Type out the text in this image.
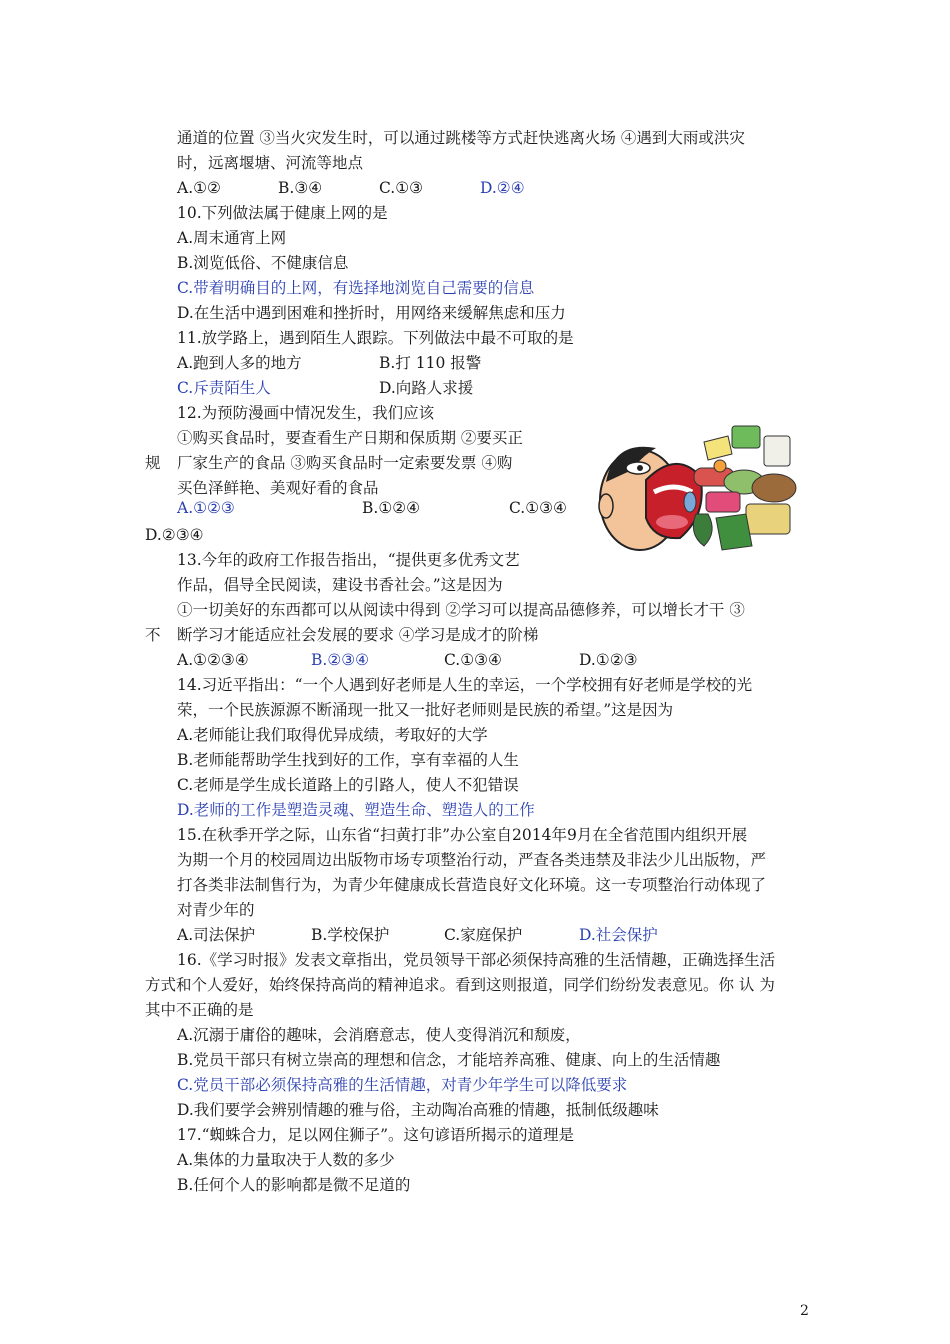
通道的位置 ③当火灾发生时，可以通过跳楼等方式赶快逃离火场 ④遇到大雨或洪灾
时，远离堰塘、河流等地点
A.①②	B.③④	C.①③	D.②④
10.下列做法属于健康上网的是
A.周末通宵上网
B.浏览低俗、不健康信息
C.带着明确目的上网，有选择地浏览自己需要的信息
D.在生活中遇到困难和挫折时，用网络来缓解焦虑和压力
11.放学路上，遇到陌生人跟踪。下列做法中最不可取的是
A.跑到人多的地方	B.打 110 报警
C.斥责陌生人	D.向路人求援
12.为预防漫画中情况发生，我们应该
①购买食品时，要查看生产日期和保质期 ②要买正
规 厂家生产的食品 ③购买食品时一定索要发票 ④购
买色泽鲜艳、美观好看的食品
A.①②③	B.①②④	C.①③④
D.②③④
13.今年的政府工作报告指出，“提供更多优秀文艺
作品，倡导全民阅读，建设书香社会。”这是因为
①一切美好的东西都可以从阅读中得到 ②学习可以提高品德修养，可以增长才干 ③
不 断学习才能适应社会发展的要求 ④学习是成才的阶梯
A.①②③④	B.②③④	C.①③④	D.①②③
14.习近平指出：“一个人遇到好老师是人生的幸运，一个学校拥有好老师是学校的光
荣，一个民族源源不断涌现一批又一批好老师则是民族的希望。”这是因为
A.老师能让我们取得优异成绩，考取好的大学
B.老师能帮助学生找到好的工作，享有幸福的人生
C.老师是学生成长道路上的引路人，使人不犯错误
D.老师的工作是塑造灵魂、塑造生命、塑造人的工作
15.在秋季开学之际，山东省“扫黄打非”办公室自2014年9月在全省范围内组织开展
为期一个月的校园周边出版物市场专项整治行动，严查各类违禁及非法少儿出版物，严
打各类非法制售行为，为青少年健康成长营造良好文化环境。这一专项整治行动体现了
对青少年的
A.司法保护	B.学校保护	C.家庭保护	D.社会保护
16.《学习时报》发表文章指出，党员领导干部必须保持高雅的生活情趣，正确选择生活
方式和个人爱好，始终保持高尚的精神追求。看到这则报道，同学们纷纷发表意见。你 认 为
其中不正确的是
A.沉溺于庸俗的趣味，会消磨意志，使人变得消沉和颓废，
B.党员干部只有树立崇高的理想和信念，才能培养高雅、健康、向上的生活情趣
C.党员干部必须保持高雅的生活情趣，对青少年学生可以降低要求
D.我们要学会辨别情趣的雅与俗，主动陶冶高雅的情趣，抵制低级趣味
17.“蜘蛛合力，足以网住狮子”。这句谚语所揭示的道理是
A.集体的力量取决于人数的多少
B.任何个人的影响都是微不足道的
2
